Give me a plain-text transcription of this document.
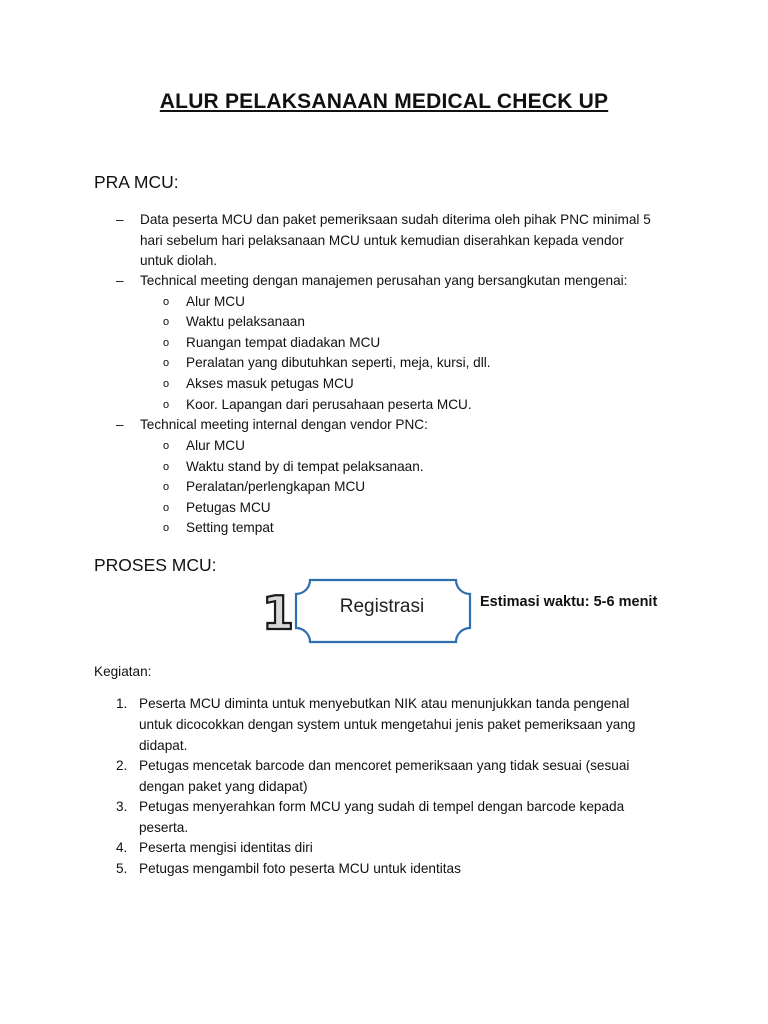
ALUR PELAKSANAAN MEDICAL CHECK UP
PRA MCU:
– Data peserta MCU dan paket pemeriksaan sudah diterima oleh pihak PNC minimal 5 hari sebelum hari pelaksanaan MCU untuk kemudian diserahkan kepada vendor untuk diolah.
– Technical meeting dengan manajemen perusahan yang bersangkutan mengenai:
o Alur MCU
o Waktu pelaksanaan
o Ruangan tempat diadakan MCU
o Peralatan yang dibutuhkan seperti, meja, kursi, dll.
o Akses masuk petugas MCU
o Koor. Lapangan dari perusahaan peserta MCU.
– Technical meeting internal dengan vendor PNC:
o Alur MCU
o Waktu stand by di tempat pelaksanaan.
o Peralatan/perlengkapan MCU
o Petugas MCU
o Setting tempat
PROSES MCU:
1	Registrasi	Estimasi waktu: 5-6 menit
Kegiatan:
1. Peserta MCU diminta untuk menyebutkan NIK atau menunjukkan tanda pengenal untuk dicocokkan dengan system untuk mengetahui jenis paket pemeriksaan yang didapat.
2. Petugas mencetak barcode dan mencoret pemeriksaan yang tidak sesuai (sesuai dengan paket yang didapat)
3. Petugas menyerahkan form MCU yang sudah di tempel dengan barcode kepada peserta.
4. Peserta mengisi identitas diri
5. Petugas mengambil foto peserta MCU untuk identitas
